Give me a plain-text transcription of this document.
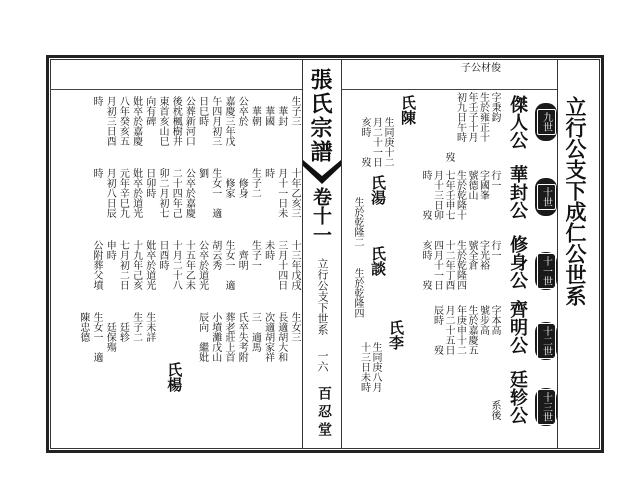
立行公支下成仁公世系
九世
十世
十一世
十二世
十三世
子公材俊
傑人公
華封公
修身公
齊明公
廷轸公
張氏宗譜
卷十一
立行公支下世系
一六
百忍堂
字秉鈞
生於雍正十
年壬子十月
初九日午時
　　　　　　歿
行一
字國峯
號德山
生於乾隆十
七年壬申七
月十三日卯
時　　　歿
行一
字光裕
號全倉
生於乾隆四
十二年丁酉
四月十一日
亥時　　歿
字本高
號步高
生於嘉慶五
年庚申十二
月二十五日
辰時　　歿
系後
氏陳
生同庚十二
月二十一日
亥時　　歿
氏湯
生於乾隆二
氏談
生於乾隆四
氏李
生同庚八月
十三日未時
生子三
　華封
　華國
　華朝
公卒於
嘉慶三年戊
午四月初三
日巳時
公葬新河口
後枕楓樹井
東首亥山巳
向有碑
妣卒於嘉慶
八年癸亥五
月初三日酉
時
十年乙亥三
月十一日未
時
生子二
　修身
　修家
生女一　適
劉
公卒於嘉慶
二十四年己
卯二月初七
日卯時
妣卒於道光
元年辛巳九
月初八日辰
時
十三年戊戌
三月十四日
未時
生子一
　齊明
生女一　適
胡云秀
公卒於道光
十五年乙未
十月二十八
日酉時
妣卒於道光
十九年己亥
七月初二日
申時
公附葬父墳
生女三
長適胡大和
次適胡家祥
三　適馬
氏卒失考附
葬老莊上首
小墳灘戊山
辰向　繼妣
氏楊
生未詳
生子二
　廷轸
　廷保殤
生女一　適
陳忠德
